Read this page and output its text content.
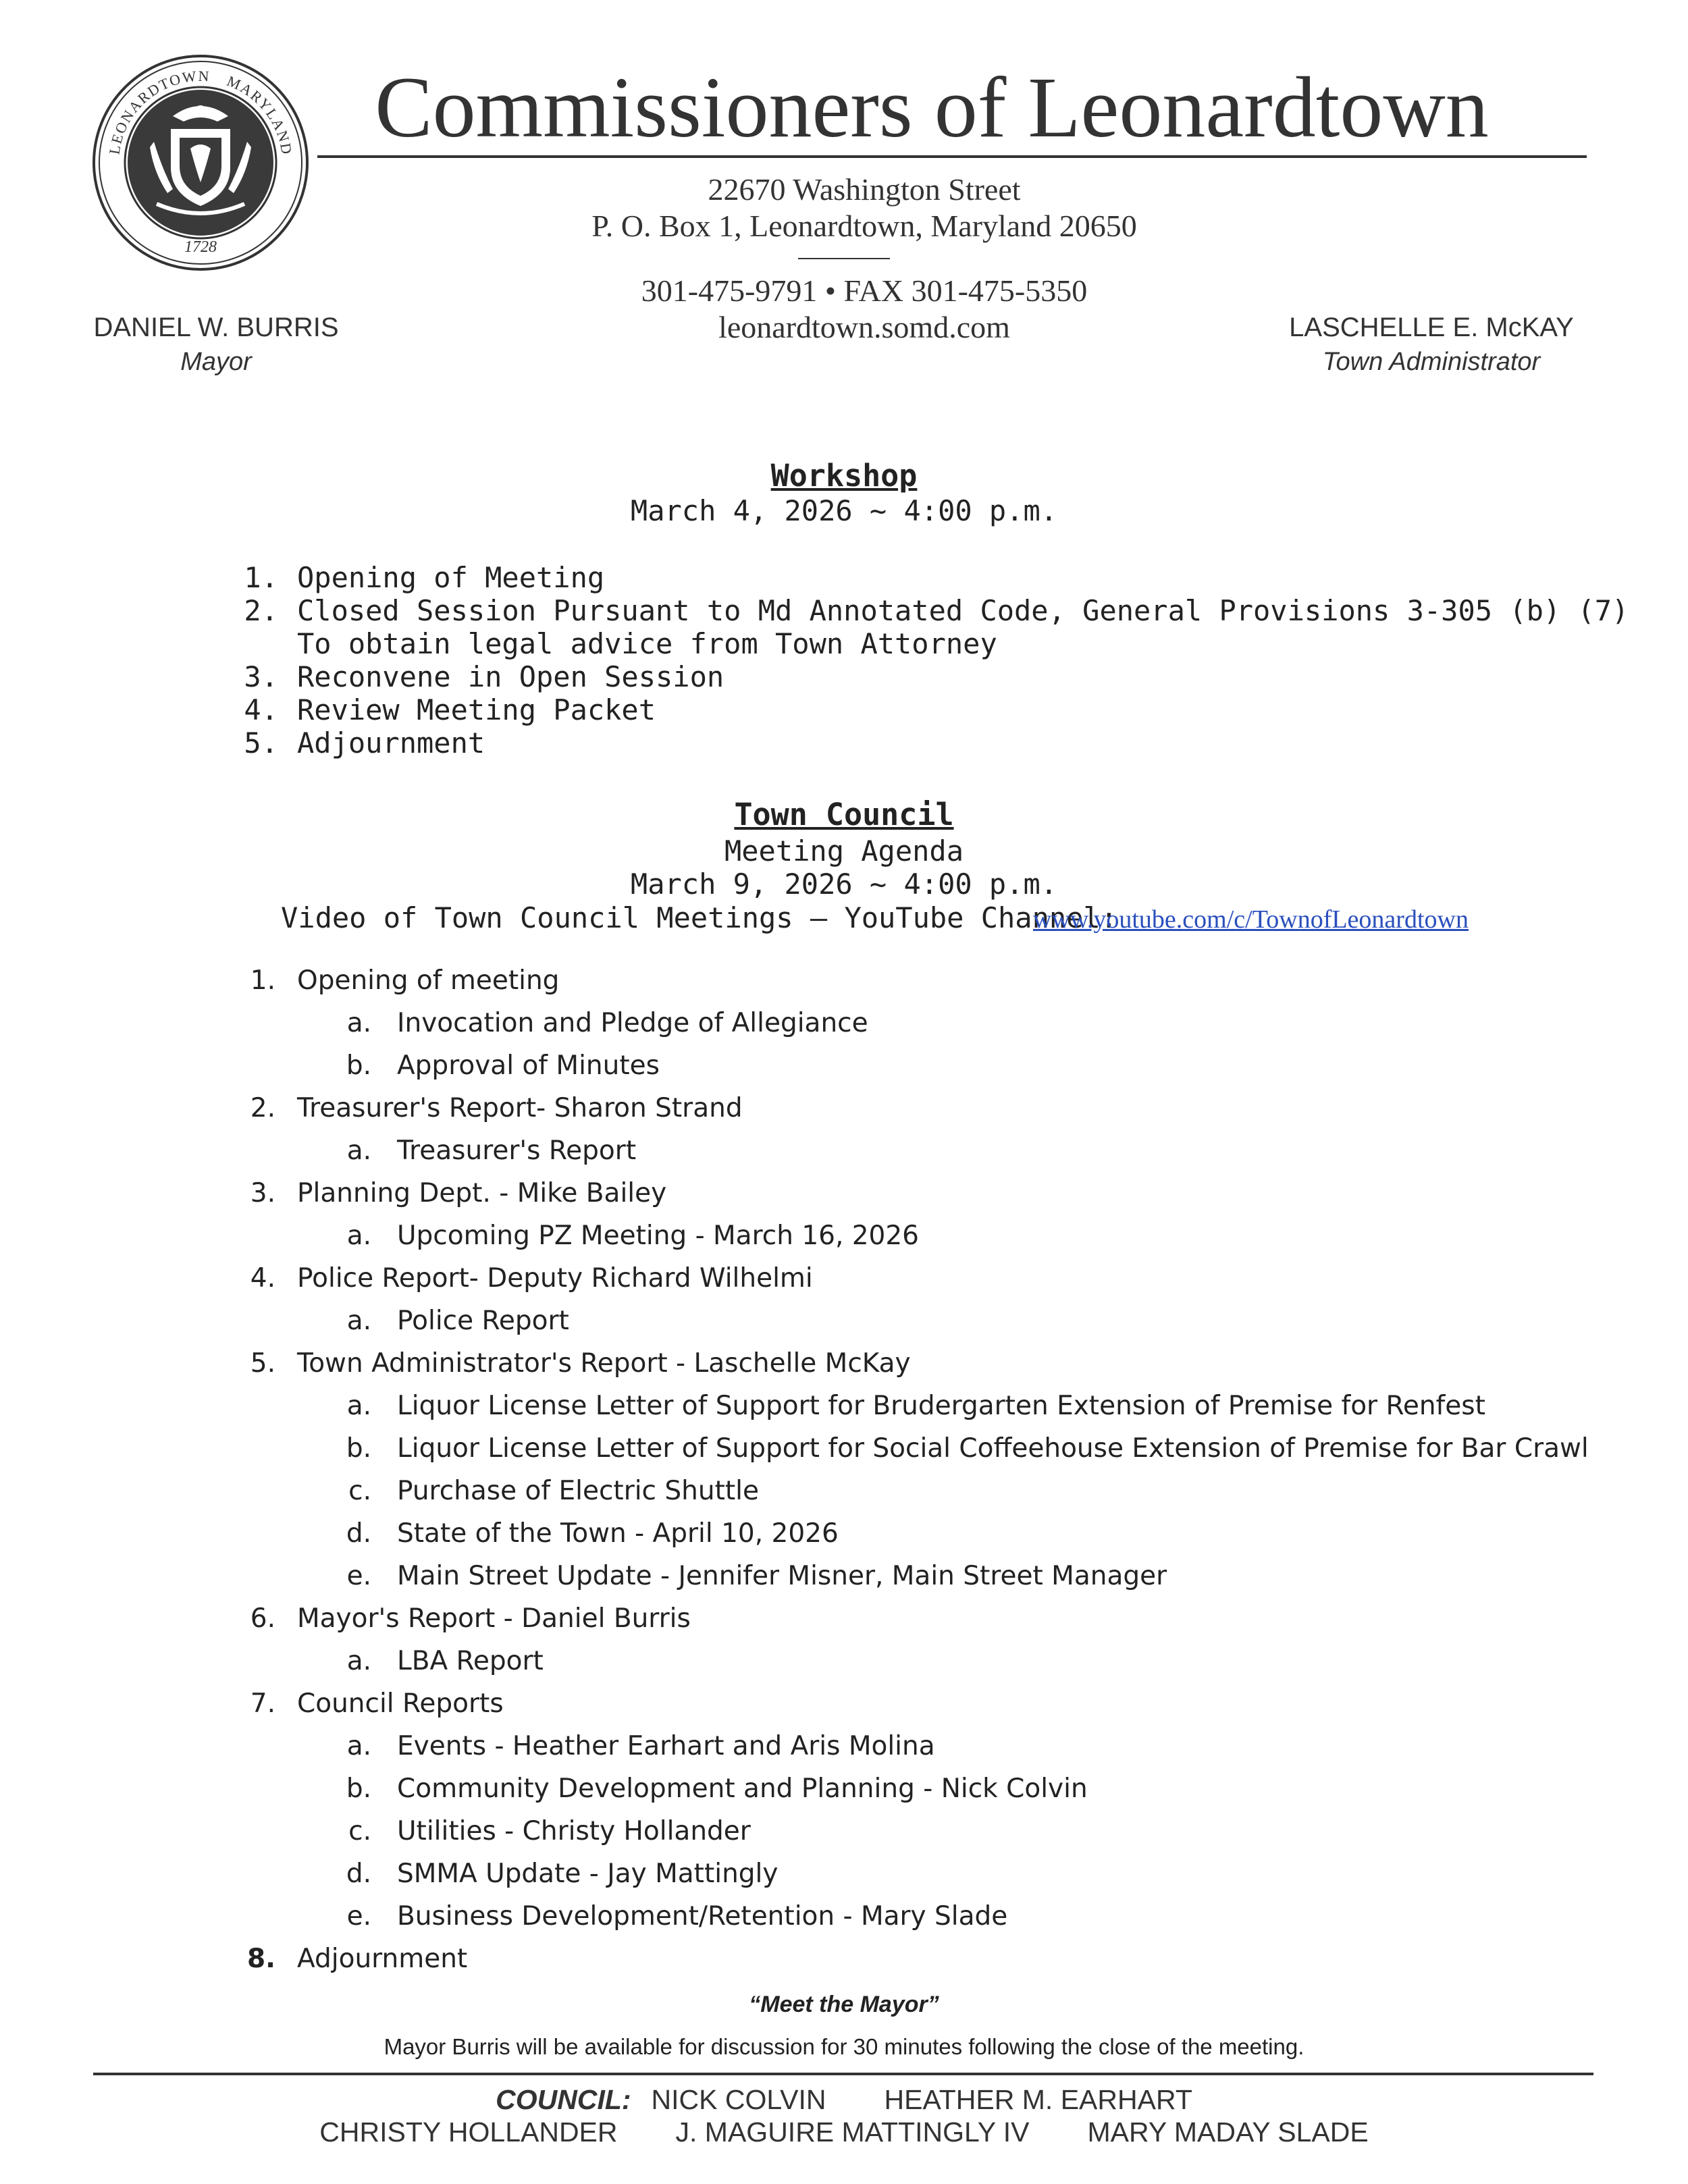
LEONARDTOWN MARYLAND
1728
Commissioners of Leonardtown
22670 Washington Street
P. O. Box 1, Leonardtown, Maryland 20650
301-475-9791 • FAX 301-475-5350
leonardtown.somd.com
DANIEL W. BURRIS
Mayor
LASCHELLE E. McKAY
Town Administrator
Workshop
March 4, 2026 ~ 4:00 p.m.
1. Opening of Meeting
2. Closed Session Pursuant to Md Annotated Code, General Provisions 3-305 (b) (7)
To obtain legal advice from Town Attorney
3. Reconvene in Open Session
4. Review Meeting Packet
5. Adjournment
Town Council
Meeting Agenda
March 9, 2026 ~ 4:00 p.m.
Video of Town Council Meetings – YouTube Channel:
www.youtube.com/c/TownofLeonardtown
1. Opening of meeting
a. Invocation and Pledge of Allegiance
b. Approval of Minutes
2. Treasurer's Report- Sharon Strand
a. Treasurer's Report
3. Planning Dept. - Mike Bailey
a. Upcoming PZ Meeting - March 16, 2026
4. Police Report- Deputy Richard Wilhelmi
a. Police Report
5. Town Administrator's Report - Laschelle McKay
a. Liquor License Letter of Support for Brudergarten Extension of Premise for Renfest
b. Liquor License Letter of Support for Social Coffeehouse Extension of Premise for Bar Crawl
c. Purchase of Electric Shuttle
d. State of the Town - April 10, 2026
e. Main Street Update - Jennifer Misner, Main Street Manager
6. Mayor's Report - Daniel Burris
a. LBA Report
7. Council Reports
a. Events - Heather Earhart and Aris Molina
b. Community Development and Planning - Nick Colvin
c. Utilities - Christy Hollander
d. SMMA Update - Jay Mattingly
e. Business Development/Retention - Mary Slade
8. Adjournment
“Meet the Mayor”
Mayor Burris will be available for discussion for 30 minutes following the close of the meeting.
COUNCIL: NICK COLVIN HEATHER M. EARHART
CHRISTY HOLLANDER J. MAGUIRE MATTINGLY IV MARY MADAY SLADE
